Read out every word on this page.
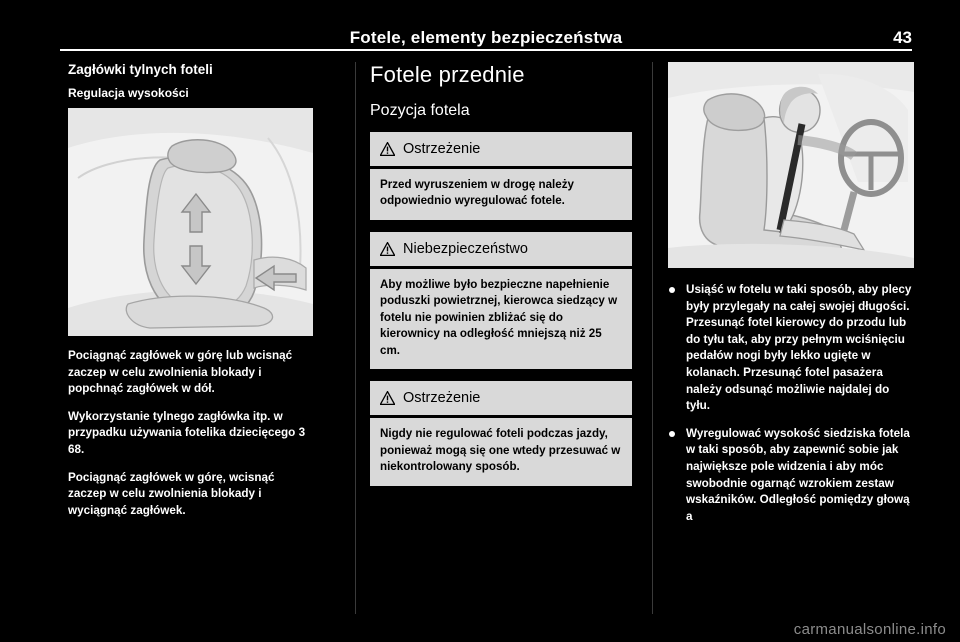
Fotele, elementy bezpieczeństwa	43
Zagłówki tylnych foteli
Regulacja wysokości

Pociągnąć zagłówek w górę lub wcisnąć zaczep w celu zwolnienia blokady i popchnąć zagłówek w dół.

Wykorzystanie tylnego zagłówka itp. w przypadku używania fotelika dziecięcego 3 68.

Pociągnąć zagłówek w górę, wcisnąć zaczep w celu zwolnienia blokady i wyciągnąć zagłówek.

Fotele przednie
Pozycja fotela
Ostrzeżenie
Przed wyruszeniem w drogę należy odpowiednio wyregulować fotele.
Niebezpieczeństwo
Aby możliwe było bezpieczne napełnienie poduszki powietrznej, kierowca siedzący w fotelu nie powinien zbliżać się do kierownicy na odległość mniejszą niż 25 cm.
Ostrzeżenie
Nigdy nie regulować foteli podczas jazdy, ponieważ mogą się one wtedy przesuwać w niekontrolowany sposób.
Usiąść w fotelu w taki sposób, aby plecy były przylegały na całej swojej długości. Przesunąć fotel kierowcy do przodu lub do tyłu tak, aby przy pełnym wciśnięciu pedałów nogi były lekko ugięte w kolanach. Przesunąć fotel pasażera należy odsunąć możliwie najdalej do tyłu.
Wyregulować wysokość siedziska fotela w taki sposób, aby zapewnić sobie jak największe pole widzenia i aby móc swobodnie ogarnąć wzrokiem zestaw wskaźników. Odległość pomiędzy głową a
carmanualsonline.info
